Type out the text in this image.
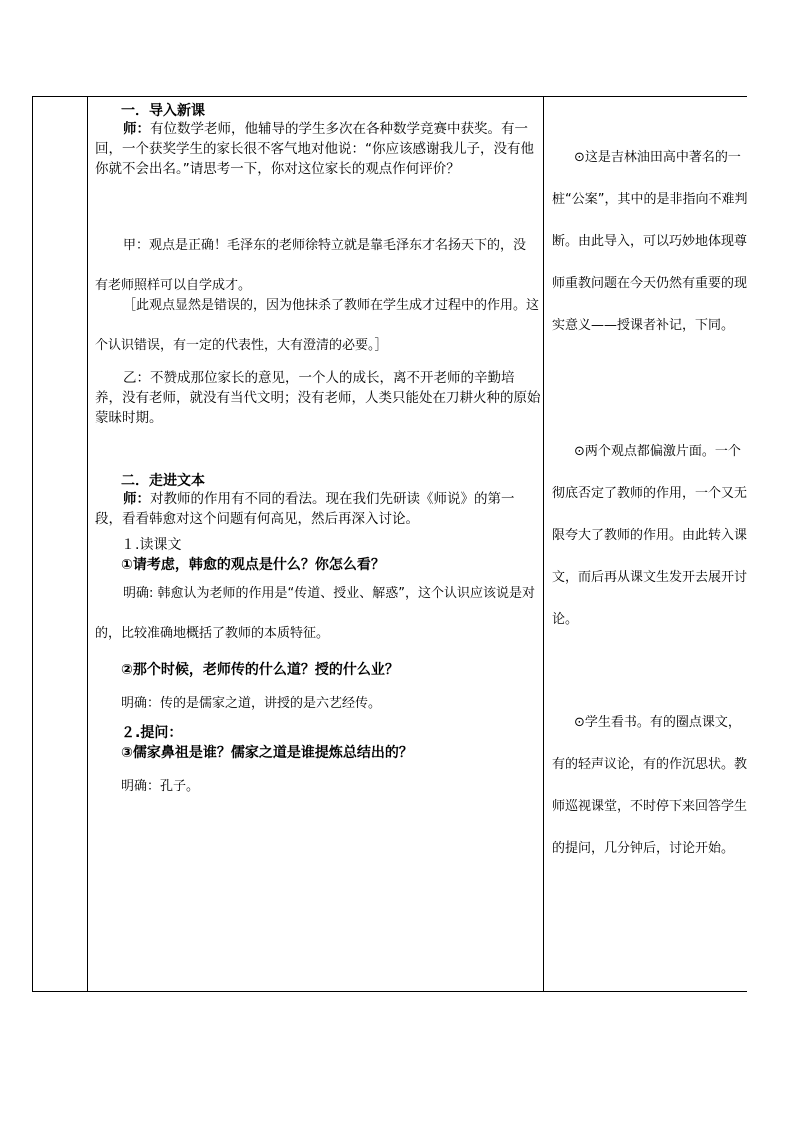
一．导入新课

师：有位数学老师，他辅导的学生多次在各种数学竞赛中获奖。有一回，一个获奖学生的家长很不客气地对他说：“你应该感谢我儿子，没有他你就不会出名。”请思考一下，你对这位家长的观点作何评价？

甲：观点是正确！毛泽东的老师徐特立就是靠毛泽东才名扬天下的，没有老师照样可以自学成才。

［此观点显然是错误的，因为他抹杀了教师在学生成才过程中的作用。这个认识错误，有一定的代表性，大有澄清的必要。］

乙：不赞成那位家长的意见，一个人的成长，离不开老师的辛勤培养，没有老师，就没有当代文明；没有老师，人类只能处在刀耕火种的原始蒙昧时期。

二．走进文本

师：对教师的作用有不同的看法。现在我们先研读《师说》的第一段，看看韩愈对这个问题有何高见，然后再深入讨论。

１.读课文

①请考虑，韩愈的观点是什么？你怎么看？

明确: 韩愈认为老师的作用是“传道、授业、解惑”，这个认识应该说是对的，比较准确地概括了教师的本质特征。

②那个时候，老师传的什么道？授的什么业？

明确：传的是儒家之道，讲授的是六艺经传。

２.提问：

③儒家鼻祖是谁？儒家之道是谁提炼总结出的？

明确：孔子。

⊙这是吉林油田高中著名的一桩“公案”，其中的是非指向不难判断。由此导入，可以巧妙地体现尊师重教问题在今天仍然有重要的现实意义——授课者补记，下同。

⊙两个观点都偏激片面。一个彻底否定了教师的作用，一个又无限夸大了教师的作用。由此转入课文，而后再从课文生发开去展开讨论。

⊙学生看书。有的圈点课文，有的轻声议论，有的作沉思状。教师巡视课堂，不时停下来回答学生的提问，几分钟后，讨论开始。
